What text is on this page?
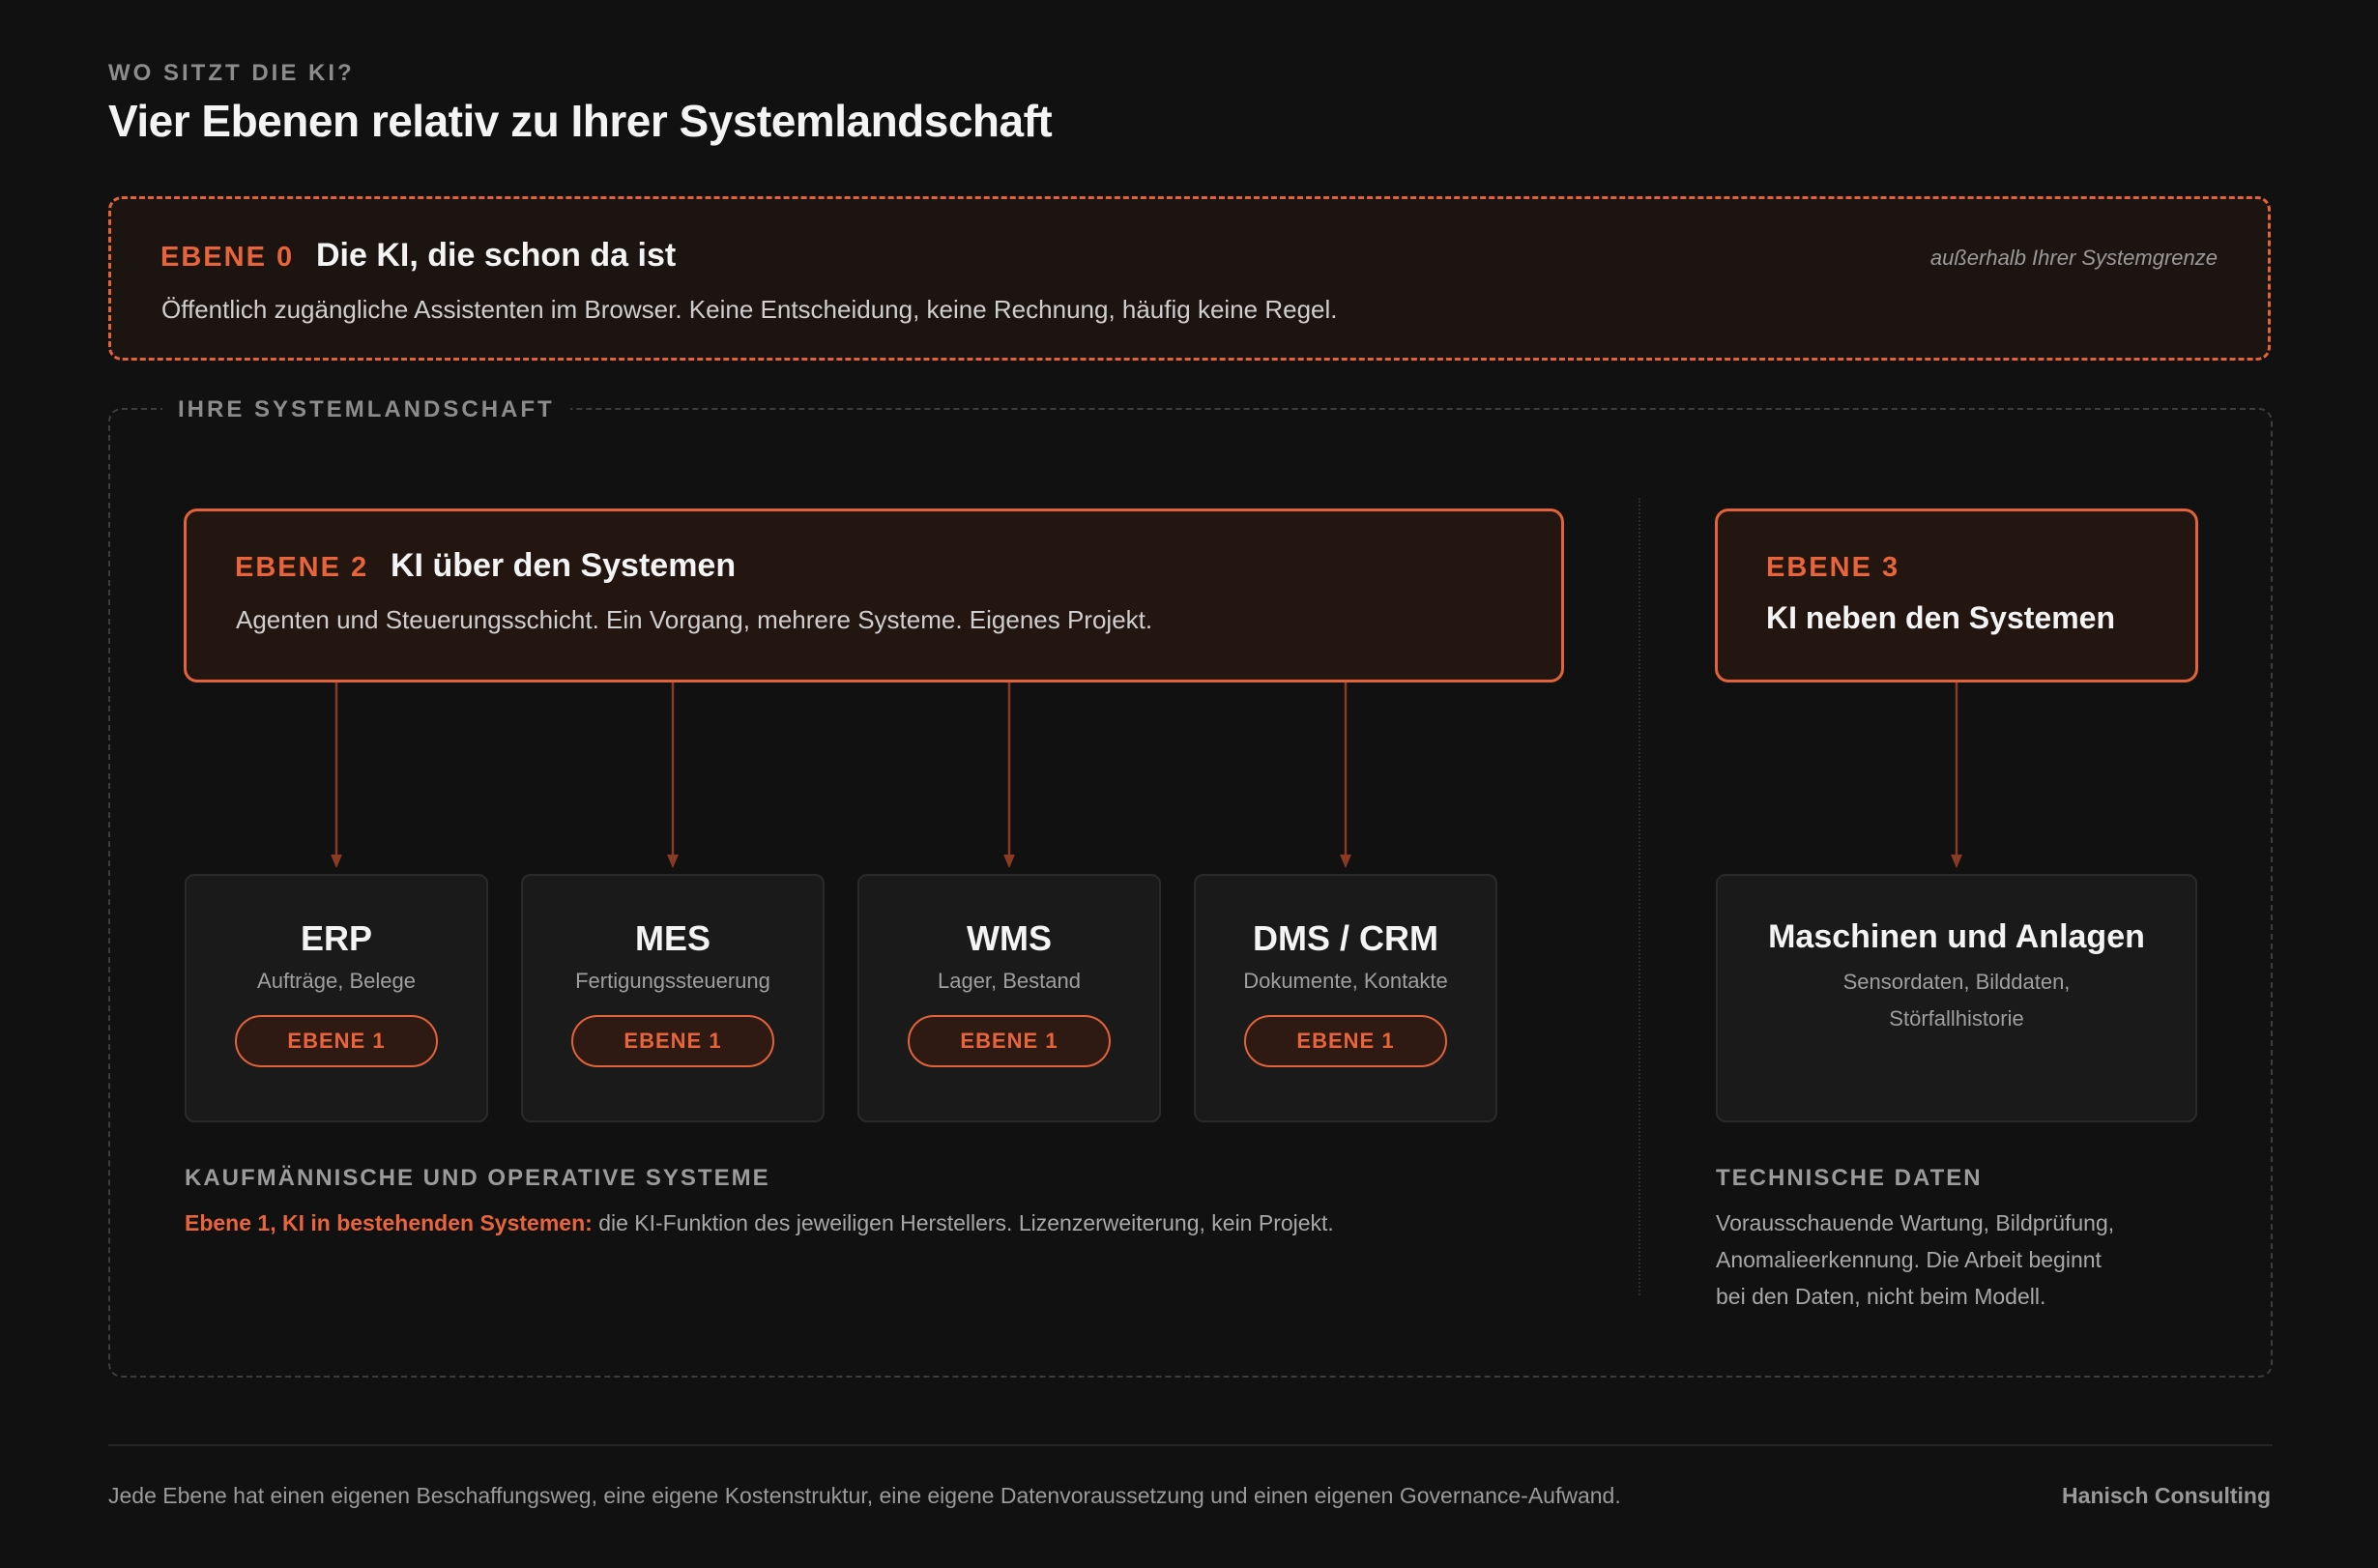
WO SITZT DIE KI?
Vier Ebenen relativ zu Ihrer Systemlandschaft
EBENE 0 Die KI, die schon da ist
Öffentlich zugängliche Assistenten im Browser. Keine Entscheidung, keine Rechnung, häufig keine Regel.
außerhalb Ihrer Systemgrenze
IHRE SYSTEMLANDSCHAFT
EBENE 2 KI über den Systemen
Agenten und Steuerungsschicht. Ein Vorgang, mehrere Systeme. Eigenes Projekt.
EBENE 3
KI neben den Systemen
ERP
Aufträge, Belege
EBENE 1
MES
Fertigungssteuerung
EBENE 1
WMS
Lager, Bestand
EBENE 1
DMS / CRM
Dokumente, Kontakte
EBENE 1
Maschinen und Anlagen
Sensordaten, Bilddaten,
Störfallhistorie
KAUFMÄNNISCHE UND OPERATIVE SYSTEME
Ebene 1, KI in bestehenden Systemen: die KI-Funktion des jeweiligen Herstellers. Lizenzerweiterung, kein Projekt.
TECHNISCHE DATEN
Vorausschauende Wartung, Bildprüfung,
Anomalieerkennung. Die Arbeit beginnt
bei den Daten, nicht beim Modell.
Jede Ebene hat einen eigenen Beschaffungsweg, eine eigene Kostenstruktur, eine eigene Datenvoraussetzung und einen eigenen Governance-Aufwand.	Hanisch Consulting
